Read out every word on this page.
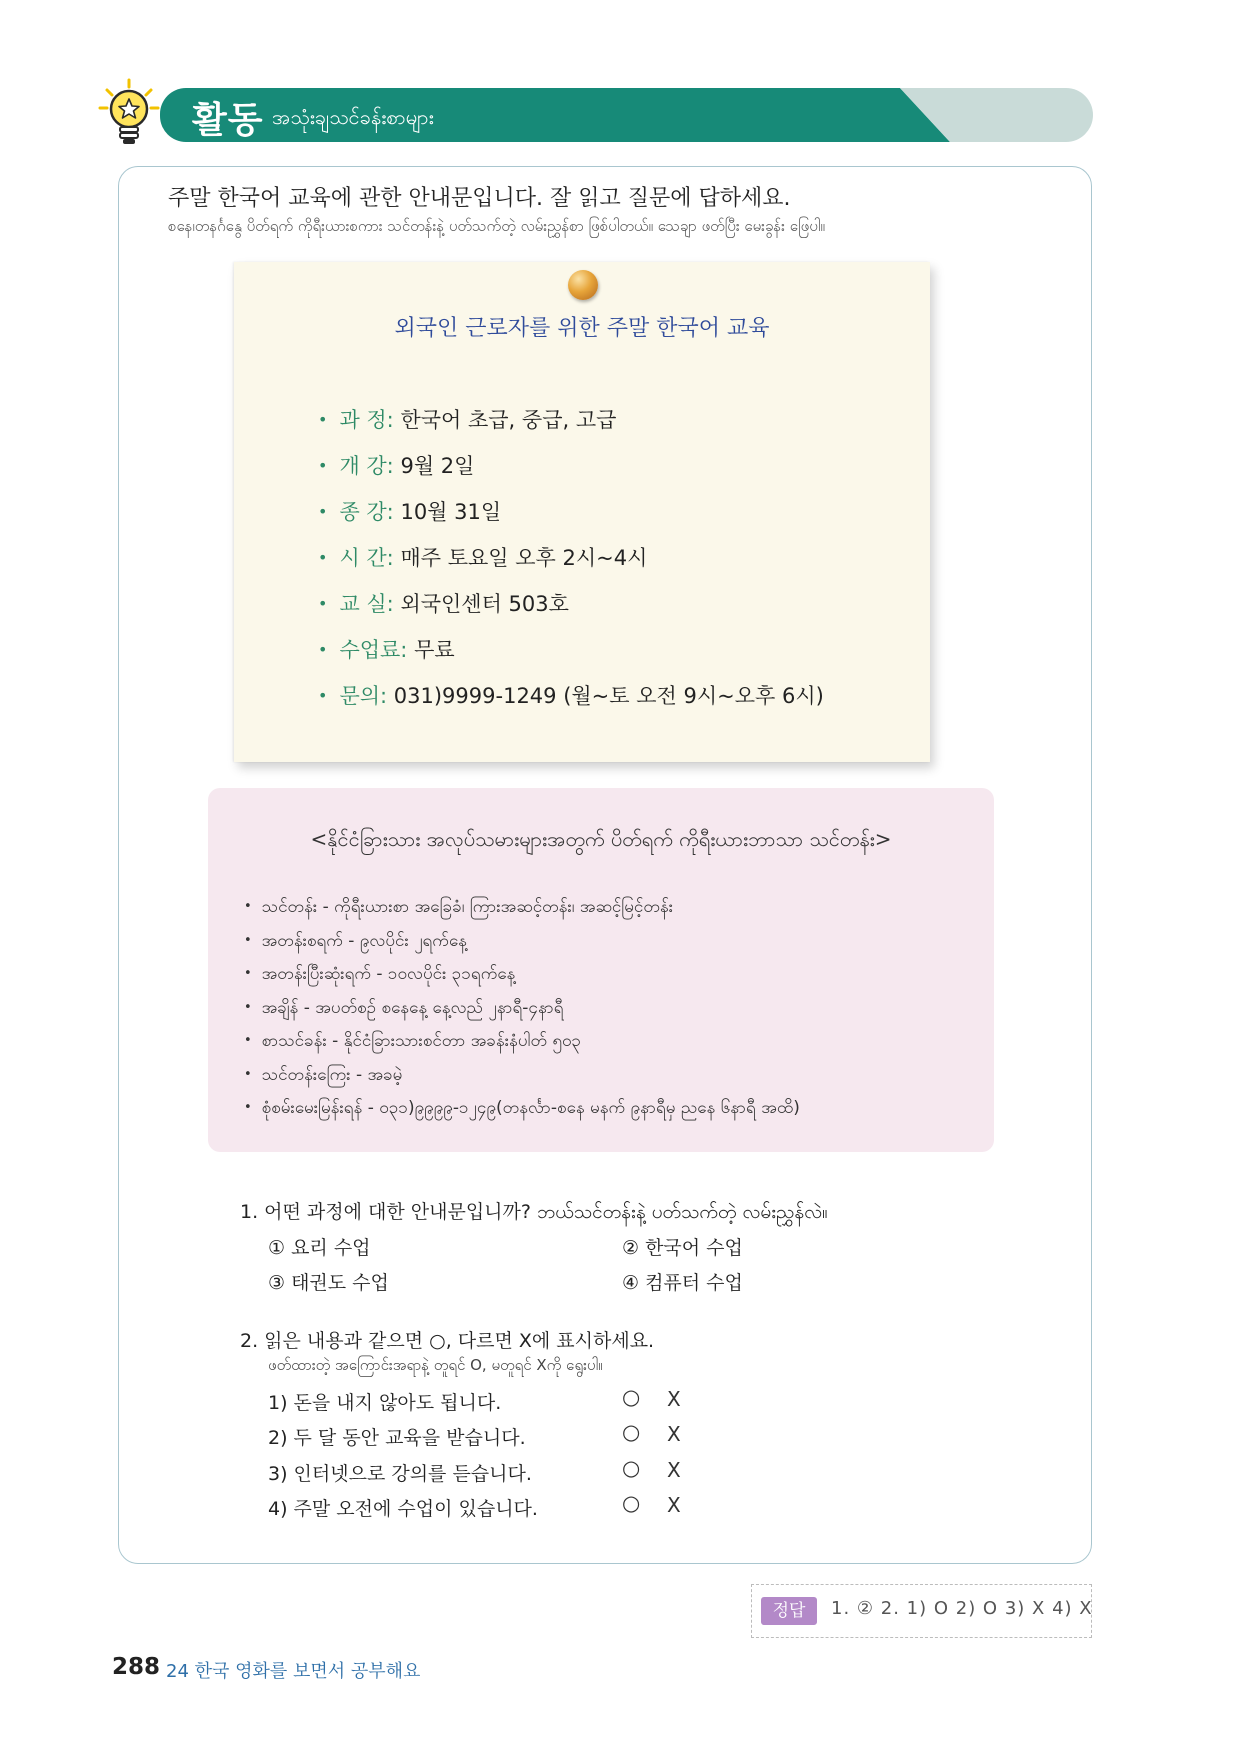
활동 အသုံးချသင်ခန်းစာများ
주말 한국어 교육에 관한 안내문입니다. 잘 읽고 질문에 답하세요.
စနေ၊တနင်္ဂနွေ ပိတ်ရက် ကိုရီးယားစကား သင်တန်းနဲ့ ပတ်သက်တဲ့ လမ်းညွှန်စာ ဖြစ်ပါတယ်။ သေချာ ဖတ်ပြီး မေးခွန်း ဖြေပါ။
외국인 근로자를 위한 주말 한국어 교육
• 과 정: 한국어 초급, 중급, 고급
• 개 강: 9월 2일
• 종 강: 10월 31일
• 시 간: 매주 토요일 오후 2시~4시
• 교 실: 외국인센터 503호
• 수업료: 무료
• 문의: 031)9999-1249 (월~토 오전 9시~오후 6시)
<နိုင်ငံခြားသား အလုပ်သမားများအတွက် ပိတ်ရက် ကိုရီးယားဘာသာ သင်တန်း>
• သင်တန်း - ကိုရီးယားစာ အခြေခံ၊ ကြားအဆင့်တန်း၊ အဆင့်မြင့်တန်း
• အတန်းစရက် - ၉လပိုင်း ၂ရက်နေ့
• အတန်းပြီးဆုံးရက် - ၁၀လပိုင်း ၃၁ရက်နေ့
• အချိန် - အပတ်စဉ် စနေနေ့ နေ့လည် ၂နာရီ-၄နာရီ
• စာသင်ခန်း - နိုင်ငံခြားသားစင်တာ အခန်းနံပါတ် ၅၀၃
• သင်တန်းကြေး - အခမဲ့
• စုံစမ်းမေးမြန်းရန် - ၀၃၁)၉၉၉၉-၁၂၄၉(တနင်္လာ-စနေ မနက် ၉နာရီမှ ညနေ ၆နာရီ အထိ)
1. 어떤 과정에 대한 안내문입니까? ဘယ်သင်တန်းနဲ့ ပတ်သက်တဲ့ လမ်းညွှန်လဲ။
① 요리 수업	② 한국어 수업
③ 태권도 수업	④ 컴퓨터 수업
2. 읽은 내용과 같으면 ○, 다르면 X에 표시하세요.
ဖတ်ထားတဲ့ အကြောင်းအရာနဲ့ တူရင် O, မတူရင် Xကို ရွေးပါ။
1) 돈을 내지 않아도 됩니다.	○ X
2) 두 달 동안 교육을 받습니다.	○ X
3) 인터넷으로 강의를 듣습니다.	○ X
4) 주말 오전에 수업이 있습니다.	○ X
정답	1. ② 2. 1) O 2) O 3) X 4) X
288 24 한국 영화를 보면서 공부해요
